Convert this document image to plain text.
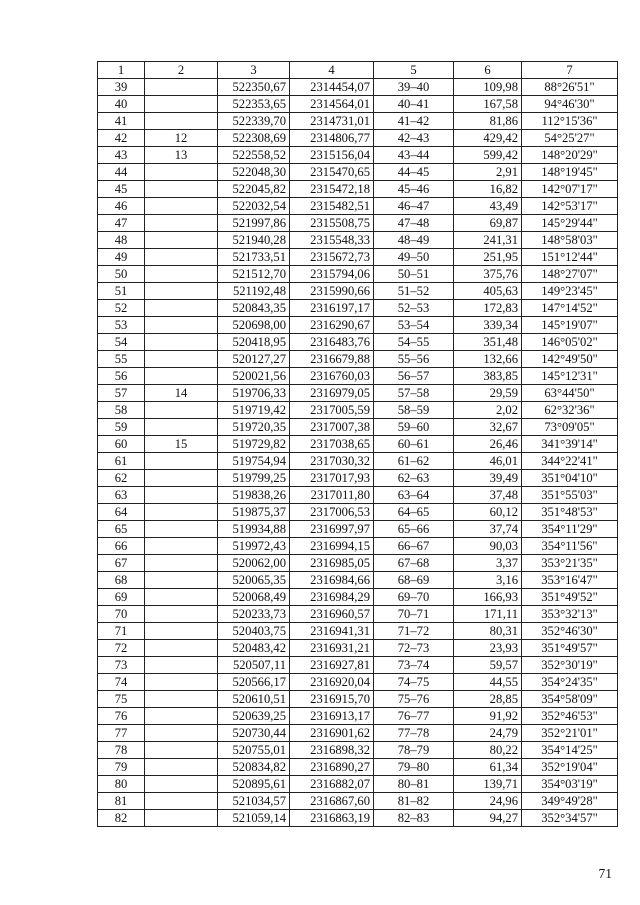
1	2	3	4	5	6	7
39		522350,67	2314454,07	39–40	109,98	88°26'51"
40		522353,65	2314564,01	40–41	167,58	94°46'30"
41		522339,70	2314731,01	41–42	81,86	112°15'36"
42	12	522308,69	2314806,77	42–43	429,42	54°25'27"
43	13	522558,52	2315156,04	43–44	599,42	148°20'29"
44		522048,30	2315470,65	44–45	2,91	148°19'45"
45		522045,82	2315472,18	45–46	16,82	142°07'17"
46		522032,54	2315482,51	46–47	43,49	142°53'17"
47		521997,86	2315508,75	47–48	69,87	145°29'44"
48		521940,28	2315548,33	48–49	241,31	148°58'03"
49		521733,51	2315672,73	49–50	251,95	151°12'44"
50		521512,70	2315794,06	50–51	375,76	148°27'07"
51		521192,48	2315990,66	51–52	405,63	149°23'45"
52		520843,35	2316197,17	52–53	172,83	147°14'52"
53		520698,00	2316290,67	53–54	339,34	145°19'07"
54		520418,95	2316483,76	54–55	351,48	146°05'02"
55		520127,27	2316679,88	55–56	132,66	142°49'50"
56		520021,56	2316760,03	56–57	383,85	145°12'31"
57	14	519706,33	2316979,05	57–58	29,59	63°44'50"
58		519719,42	2317005,59	58–59	2,02	62°32'36"
59		519720,35	2317007,38	59–60	32,67	73°09'05"
60	15	519729,82	2317038,65	60–61	26,46	341°39'14"
61		519754,94	2317030,32	61–62	46,01	344°22'41"
62		519799,25	2317017,93	62–63	39,49	351°04'10"
63		519838,26	2317011,80	63–64	37,48	351°55'03"
64		519875,37	2317006,53	64–65	60,12	351°48'53"
65		519934,88	2316997,97	65–66	37,74	354°11'29"
66		519972,43	2316994,15	66–67	90,03	354°11'56"
67		520062,00	2316985,05	67–68	3,37	353°21'35"
68		520065,35	2316984,66	68–69	3,16	353°16'47"
69		520068,49	2316984,29	69–70	166,93	351°49'52"
70		520233,73	2316960,57	70–71	171,11	353°32'13"
71		520403,75	2316941,31	71–72	80,31	352°46'30"
72		520483,42	2316931,21	72–73	23,93	351°49'57"
73		520507,11	2316927,81	73–74	59,57	352°30'19"
74		520566,17	2316920,04	74–75	44,55	354°24'35"
75		520610,51	2316915,70	75–76	28,85	354°58'09"
76		520639,25	2316913,17	76–77	91,92	352°46'53"
77		520730,44	2316901,62	77–78	24,79	352°21'01"
78		520755,01	2316898,32	78–79	80,22	354°14'25"
79		520834,82	2316890,27	79–80	61,34	352°19'04"
80		520895,61	2316882,07	80–81	139,71	354°03'19"
81		521034,57	2316867,60	81–82	24,96	349°49'28"
82		521059,14	2316863,19	82–83	94,27	352°34'57"
71
